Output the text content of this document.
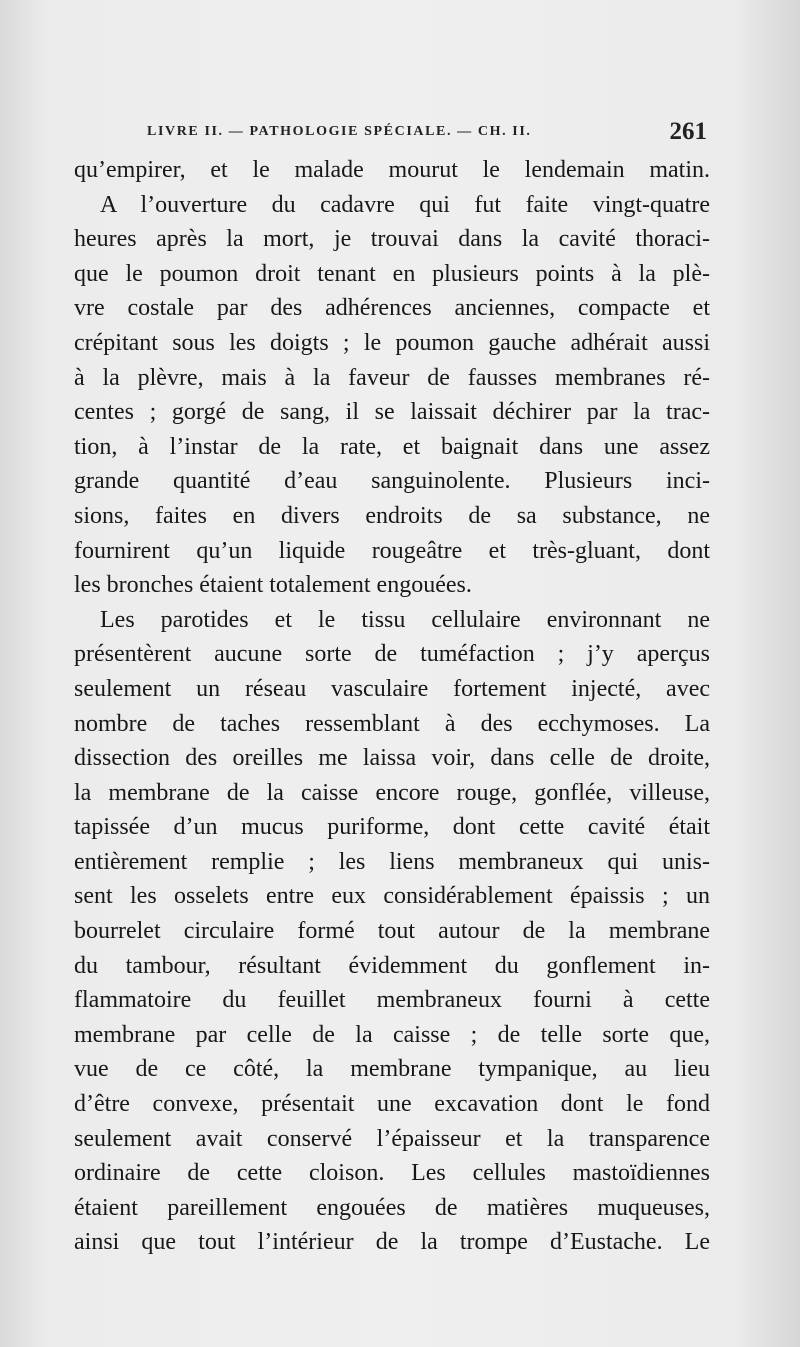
LIVRE II. — PATHOLOGIE SPÉCIALE. — CH. II.	261
qu’empirer, et le malade mourut le lendemain matin.
A l’ouverture du cadavre qui fut faite vingt-quatre
heures après la mort, je trouvai dans la cavité thoraci-
que le poumon droit tenant en plusieurs points à la plè-
vre costale par des adhérences anciennes, compacte et
crépitant sous les doigts ; le poumon gauche adhérait aussi
à la plèvre, mais à la faveur de fausses membranes ré-
centes ; gorgé de sang, il se laissait déchirer par la trac-
tion, à l’instar de la rate, et baignait dans une assez
grande quantité d’eau sanguinolente. Plusieurs inci-
sions, faites en divers endroits de sa substance, ne
fournirent qu’un liquide rougeâtre et très-gluant, dont
les bronches étaient totalement engouées.
Les parotides et le tissu cellulaire environnant ne
présentèrent aucune sorte de tuméfaction ; j’y aperçus
seulement un réseau vasculaire fortement injecté, avec
nombre de taches ressemblant à des ecchymoses. La
dissection des oreilles me laissa voir, dans celle de droite,
la membrane de la caisse encore rouge, gonflée, villeuse,
tapissée d’un mucus puriforme, dont cette cavité était
entièrement remplie ; les liens membraneux qui unis-
sent les osselets entre eux considérablement épaissis ; un
bourrelet circulaire formé tout autour de la membrane
du tambour, résultant évidemment du gonflement in-
flammatoire du feuillet membraneux fourni à cette
membrane par celle de la caisse ; de telle sorte que,
vue de ce côté, la membrane tympanique, au lieu
d’être convexe, présentait une excavation dont le fond
seulement avait conservé l’épaisseur et la transparence
ordinaire de cette cloison. Les cellules mastoïdiennes
étaient pareillement engouées de matières muqueuses,
ainsi que tout l’intérieur de la trompe d’Eustache. Le
